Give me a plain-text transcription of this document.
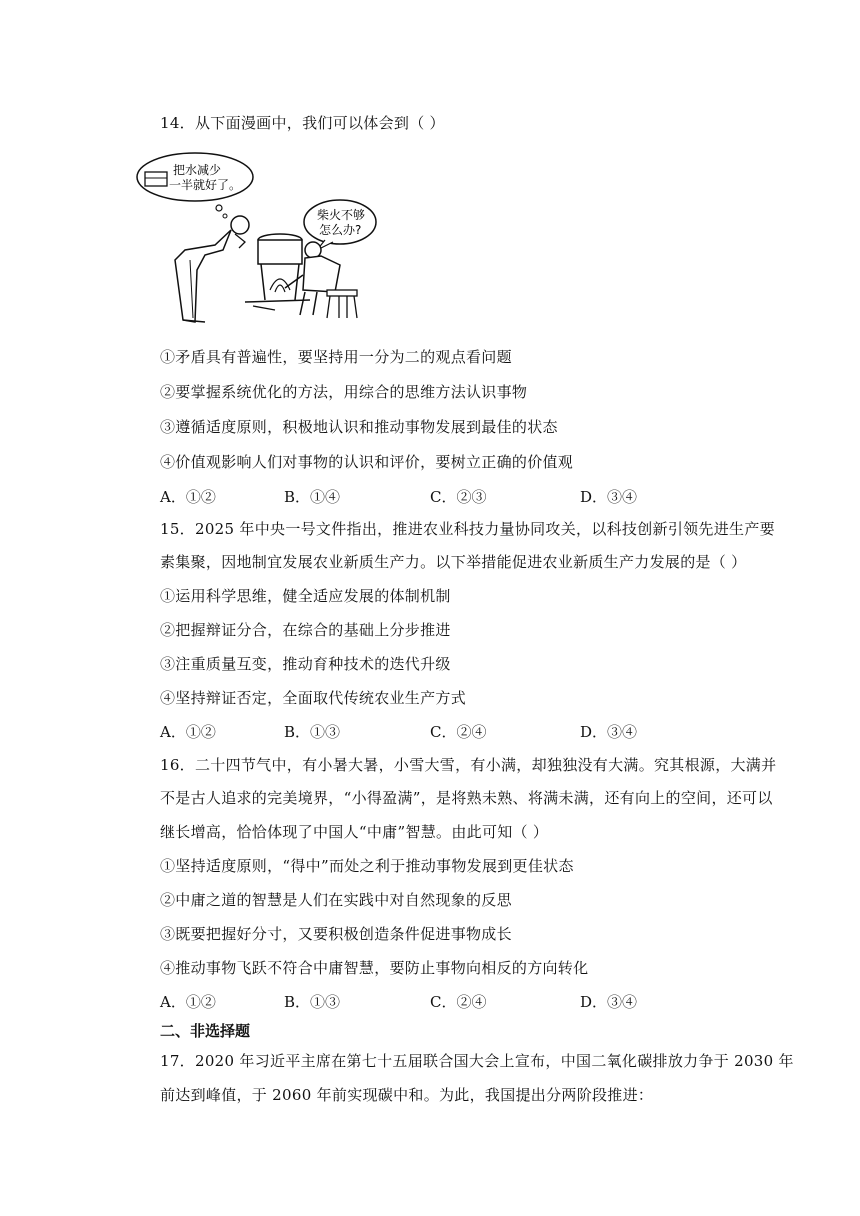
14．从下面漫画中，我们可以体会到（ ）
把水减少
一半就好了。
柴火不够
怎么办?
①矛盾具有普遍性，要坚持用一分为二的观点看问题
②要掌握系统优化的方法，用综合的思维方法认识事物
③遵循适度原则，积极地认识和推动事物发展到最佳的状态
④价值观影响人们对事物的认识和评价，要树立正确的价值观
A．①②	B．①④	C．②③	D．③④
15．2025 年中央一号文件指出，推进农业科技力量协同攻关，以科技创新引领先进生产要
素集聚，因地制宜发展农业新质生产力。以下举措能促进农业新质生产力发展的是（ ）
①运用科学思维，健全适应发展的体制机制
②把握辩证分合，在综合的基础上分步推进
③注重质量互变，推动育种技术的迭代升级
④坚持辩证否定，全面取代传统农业生产方式
A．①②	B．①③	C．②④	D．③④
16．二十四节气中，有小暑大暑，小雪大雪，有小满，却独独没有大满。究其根源，大满并
不是古人追求的完美境界，“小得盈满”，是将熟未熟、将满未满，还有向上的空间，还可以
继长增高，恰恰体现了中国人“中庸”智慧。由此可知（ ）
①坚持适度原则，“得中”而处之利于推动事物发展到更佳状态
②中庸之道的智慧是人们在实践中对自然现象的反思
③既要把握好分寸，又要积极创造条件促进事物成长
④推动事物飞跃不符合中庸智慧，要防止事物向相反的方向转化
A．①②	B．①③	C．②④	D．③④
二、非选择题
17．2020 年习近平主席在第七十五届联合国大会上宣布，中国二氧化碳排放力争于 2030 年
前达到峰值，于 2060 年前实现碳中和。为此，我国提出分两阶段推进：
